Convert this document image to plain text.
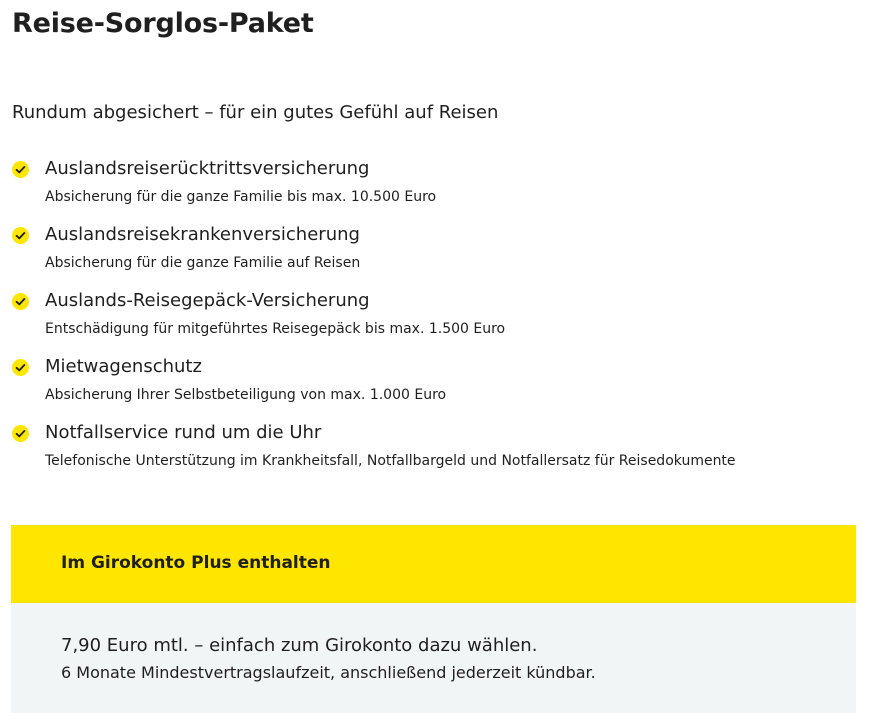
Reise-Sorglos-Paket

Rundum abgesichert – für ein gutes Gefühl auf Reisen

Auslandsreiserücktrittsversicherung
Absicherung für die ganze Familie bis max. 10.500 Euro
Auslandsreisekrankenversicherung
Absicherung für die ganze Familie auf Reisen
Auslands-Reisegepäck-Versicherung
Entschädigung für mitgeführtes Reisegepäck bis max. 1.500 Euro
Mietwagenschutz
Absicherung Ihrer Selbstbeteiligung von max. 1.000 Euro
Notfallservice rund um die Uhr
Telefonische Unterstützung im Krankheitsfall, Notfallbargeld und Notfallersatz für Reisedokumente
Im Girokonto Plus enthalten
7,90 Euro mtl. – einfach zum Girokonto dazu wählen.
6 Monate Mindestvertragslaufzeit, anschließend jederzeit kündbar.
